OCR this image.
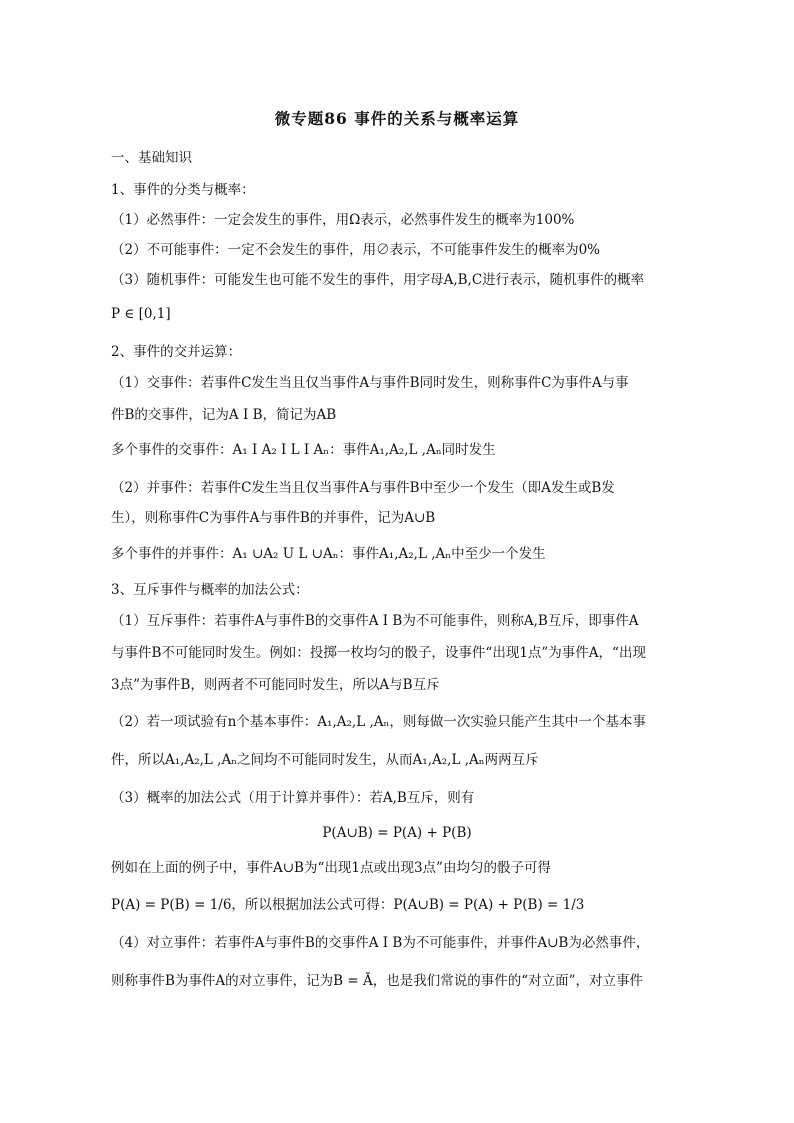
微专题86 事件的关系与概率运算
一、基础知识
1、事件的分类与概率：
（1）必然事件：一定会发生的事件，用Ω表示，必然事件发生的概率为100%
（2）不可能事件：一定不会发生的事件，用∅表示，不可能事件发生的概率为0%
（3）随机事件：可能发生也可能不发生的事件，用字母A,B,C进行表示，随机事件的概率
P ∈ [0,1]
2、事件的交并运算：
（1）交事件：若事件C发生当且仅当事件A与事件B同时发生，则称事件C为事件A与事
件B的交事件，记为A I B，简记为AB
多个事件的交事件：A₁ I A₂ I L I Aₙ：事件A₁,A₂,L ,Aₙ同时发生
（2）并事件：若事件C发生当且仅当事件A与事件B中至少一个发生（即A发生或B发
生），则称事件C为事件A与事件B的并事件，记为A∪B
多个事件的并事件：A₁ ∪A₂ U L ∪Aₙ：事件A₁,A₂,L ,Aₙ中至少一个发生
3、互斥事件与概率的加法公式：
（1）互斥事件：若事件A与事件B的交事件A I B为不可能事件，则称A,B互斥，即事件A
与事件B不可能同时发生。例如：投掷一枚均匀的骰子，设事件“出现1点”为事件A，“出现
3点”为事件B，则两者不可能同时发生，所以A与B互斥
（2）若一项试验有n个基本事件：A₁,A₂,L ,Aₙ，则每做一次实验只能产生其中一个基本事
件，所以A₁,A₂,L ,Aₙ之间均不可能同时发生，从而A₁,A₂,L ,Aₙ两两互斥
（3）概率的加法公式（用于计算并事件）：若A,B互斥，则有
P(A∪B) = P(A) + P(B)
例如在上面的例子中，事件A∪B为“出现1点或出现3点”由均匀的骰子可得
P(A) = P(B) = 1/6，所以根据加法公式可得：P(A∪B) = P(A) + P(B) = 1/3
（4）对立事件：若事件A与事件B的交事件A I B为不可能事件，并事件A∪B为必然事件，
则称事件B为事件A的对立事件，记为B = Ā，也是我们常说的事件的“对立面”，对立事件
